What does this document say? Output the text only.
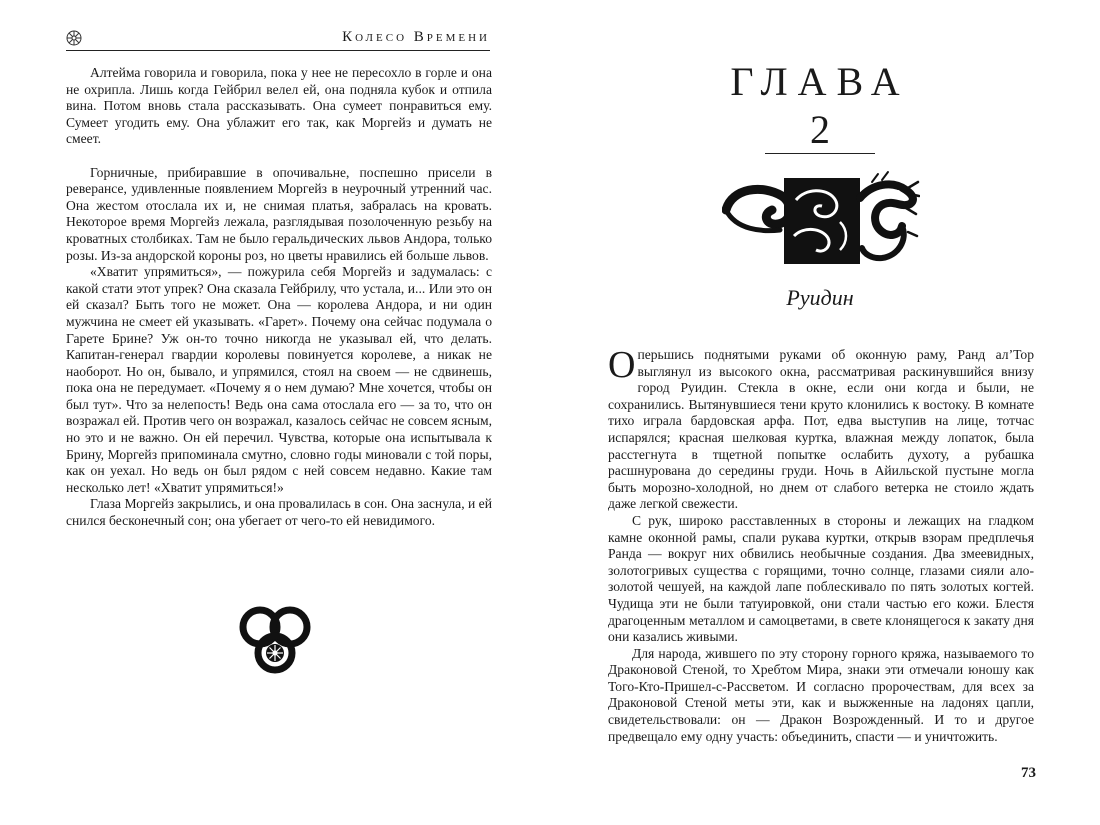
Колесо Времени

Алтейма говорила и говорила, пока у нее не пересохло в горле и она не охрипла. Лишь когда Гейбрил велел ей, она подняла кубок и отпила вина. Потом вновь стала рассказывать. Она сумеет понравиться ему. Сумеет угодить ему. Она ублажит его так, как Моргейз и думать не смеет.

Горничные, прибиравшие в опочивальне, поспешно присели в реверансе, удивленные появлением Моргейз в неурочный утренний час. Она жестом отослала их и, не снимая платья, забралась на кровать. Некоторое время Моргейз лежала, разглядывая позолоченную резьбу на кроватных столбиках. Там не было геральдических львов Андора, только розы. Из-за андорской короны роз, но цветы нравились ей больше львов.

«Хватит упрямиться», — пожурила себя Моргейз и задумалась: с какой стати этот упрек? Она сказала Гейбрилу, что устала, и... Или это он ей сказал? Быть того не может. Она — королева Андора, и ни один мужчина не смеет ей указывать. «Гарет». Почему она сейчас подумала о Гарете Брине? Уж он-то точно никогда не указывал ей, что делать. Капитан-генерал гвардии королевы повинуется королеве, а никак не наоборот. Но он, бывало, и упрямился, стоял на своем — не сдвинешь, пока она не передумает. «Почему я о нем думаю? Мне хочется, чтобы он был тут». Что за нелепость! Ведь она сама отослала его — за то, что он возражал ей. Против чего он возражал, казалось сейчас не совсем ясным, но это и не важно. Он ей перечил. Чувства, которые она испытывала к Брину, Моргейз припоминала смутно, словно годы миновали с той поры, как он уехал. Но ведь он был рядом с ней совсем недавно. Какие там несколько лет! «Хватит упрямиться!»

Глаза Моргейз закрылись, и она провалилась в сон. Она заснула, и ей снился бесконечный сон; она убегает от чего-то ей невидимого.

ГЛАВА
2
Руидин

Оперьшись поднятыми руками об оконную раму, Ранд ал’Тор выглянул из высокого окна, рассматривая раскинувшийся внизу город Руидин. Стекла в окне, если они когда и были, не сохранились. Вытянувшиеся тени круто клонились к востоку. В комнате тихо играла бардовская арфа. Пот, едва выступив на лице, тотчас испарялся; красная шелковая куртка, влажная между лопаток, была расстегнута в тщетной попытке ослабить духоту, а рубашка расшнурована до середины груди. Ночь в Айильской пустыне могла быть морозно-холодной, но днем от слабого ветерка не стоило ждать даже легкой свежести.

С рук, широко расставленных в стороны и лежащих на гладком камне оконной рамы, спали рукава куртки, открыв взорам предплечья Ранда — вокруг них обвились необычные создания. Два змеевидных, золотогривых существа с горящими, точно солнце, глазами сияли ало-золотой чешуей, на каждой лапе поблескивало по пять золотых когтей. Чудища эти не были татуировкой, они стали частью его кожи. Блестя драгоценным металлом и самоцветами, в свете клонящегося к закату дня они казались живыми.

Для народа, жившего по эту сторону горного кряжа, называемого то Драконовой Стеной, то Хребтом Мира, знаки эти отмечали юношу как Того-Кто-Пришел-с-Рассветом. И согласно пророчествам, для всех за Драконовой Стеной меты эти, как и выжженные на ладонях цапли, свидетельствовали: он — Дракон Возрожденный. И то и другое предвещало ему одну участь: объединить, спасти — и уничтожить.

73
